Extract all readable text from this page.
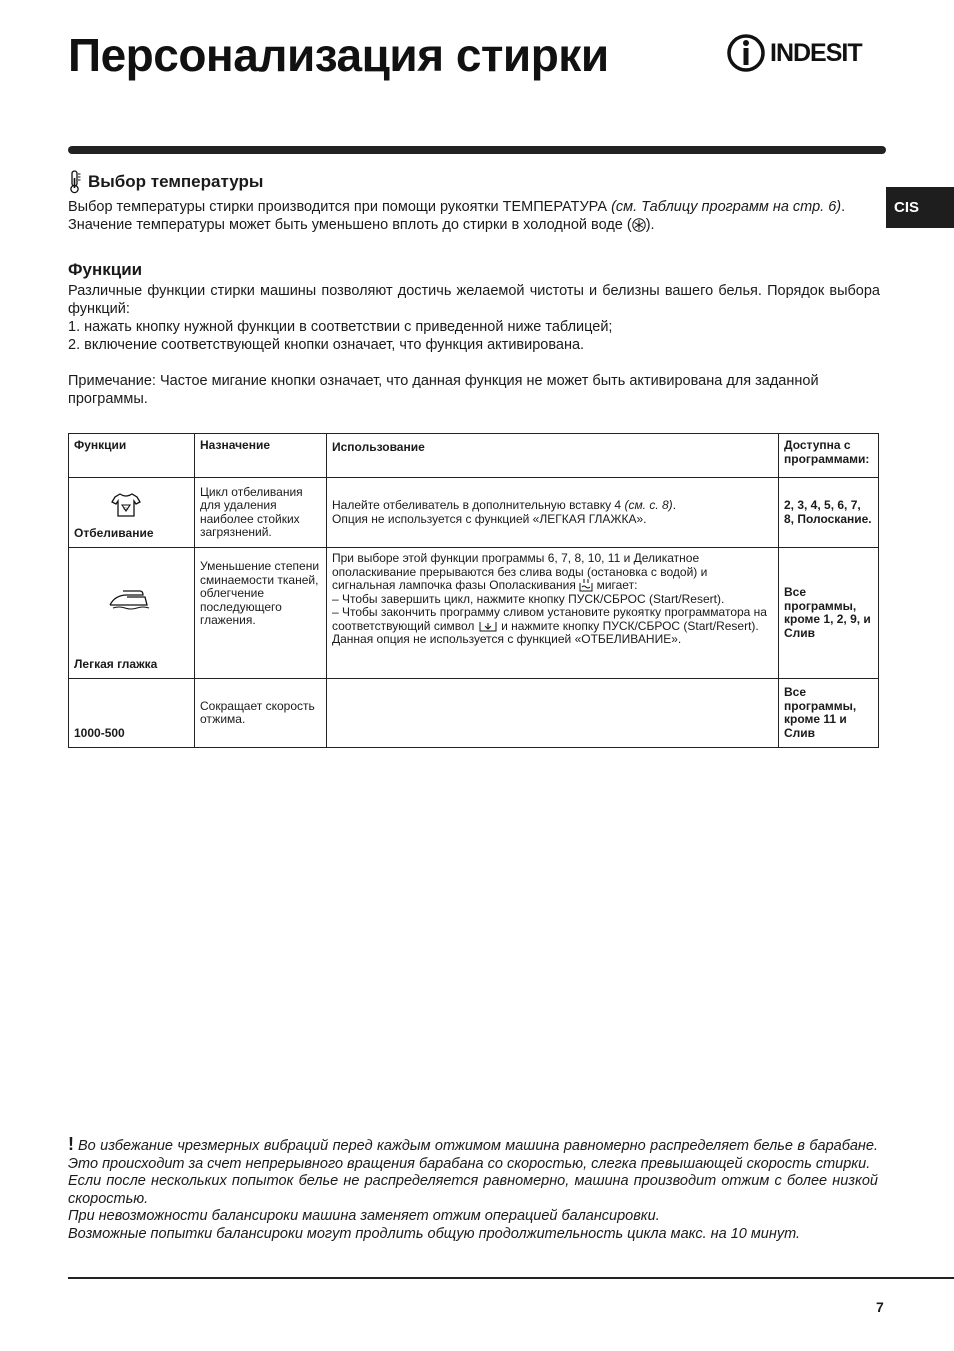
Персонализация стирки	INDESIT
CIS
Выбор температуры

Выбор температуры стирки производится при помощи рукоятки ТЕМПЕРАТУРА (см. Таблицу программ на стр. 6). Значение температуры может быть уменьшено вплоть до стирки в холодной воде ( ).

Функции

Различные функции стирки машины позволяют достичь желаемой чистоты и белизны вашего белья. Порядок выбора функций:

1. нажать кнопку нужной функции в соответствии с приведенной ниже таблицей;

2. включение соответствующей кнопки означает, что функция активирована.

Примечание: Частое мигание кнопки означает, что данная функция не может быть активирована для заданной программы.

Функции	Назначение	Использование	Доступна с программами:

CL
Отбеливание	Цикл отбеливания для удаления наиболее стойких загрязнений.	Налейте отбеливатель в дополнительную вставку 4 (см. с. 8).
Опция не используется с функцией «ЛЕГКАЯ ГЛАЖКА».	2, 3, 4, 5, 6, 7, 8, Полоскание.

Легкая глажка	Уменьшение степени сминаемости тканей, облегчение последующего глажения.	При выборе этой функции программы 6, 7, 8, 10, 11 и Деликатное ополаскивание прерываются без слива воды (остановка с водой) и сигнальная лампочка фазы Ополаскивания мигает:
– Чтобы завершить цикл, нажмите кнопку ПУСК/СБРОС (Start/Resert).
– Чтобы закончить программу сливом установите рукоятку программатора на соответствующий символ и нажмите кнопку ПУСК/СБРОС (Start/Resert).
Данная опция не используется с функцией «ОТБЕЛИВАНИЕ».	Все программы, кроме 1, 2, 9, и Слив

1000-500	Сокращает скорость отжима.		Все программы, кроме 11 и Слив

! Во избежание чрезмерных вибраций перед каждым отжимом машина равномерно распределяет белье в барабане. Это происходит за счет непрерывного вращения барабана со скоростью, слегка превышающей скорость стирки.

Если после нескольких попыток белье не распределяется равномерно, машина производит отжим с более низкой скоростью.

При невозможности балансироки машина заменяет отжим операцией балансировки.

Возможные попытки балансироки могут продлить общую продолжительность цикла макс. на 10 минут.

7
